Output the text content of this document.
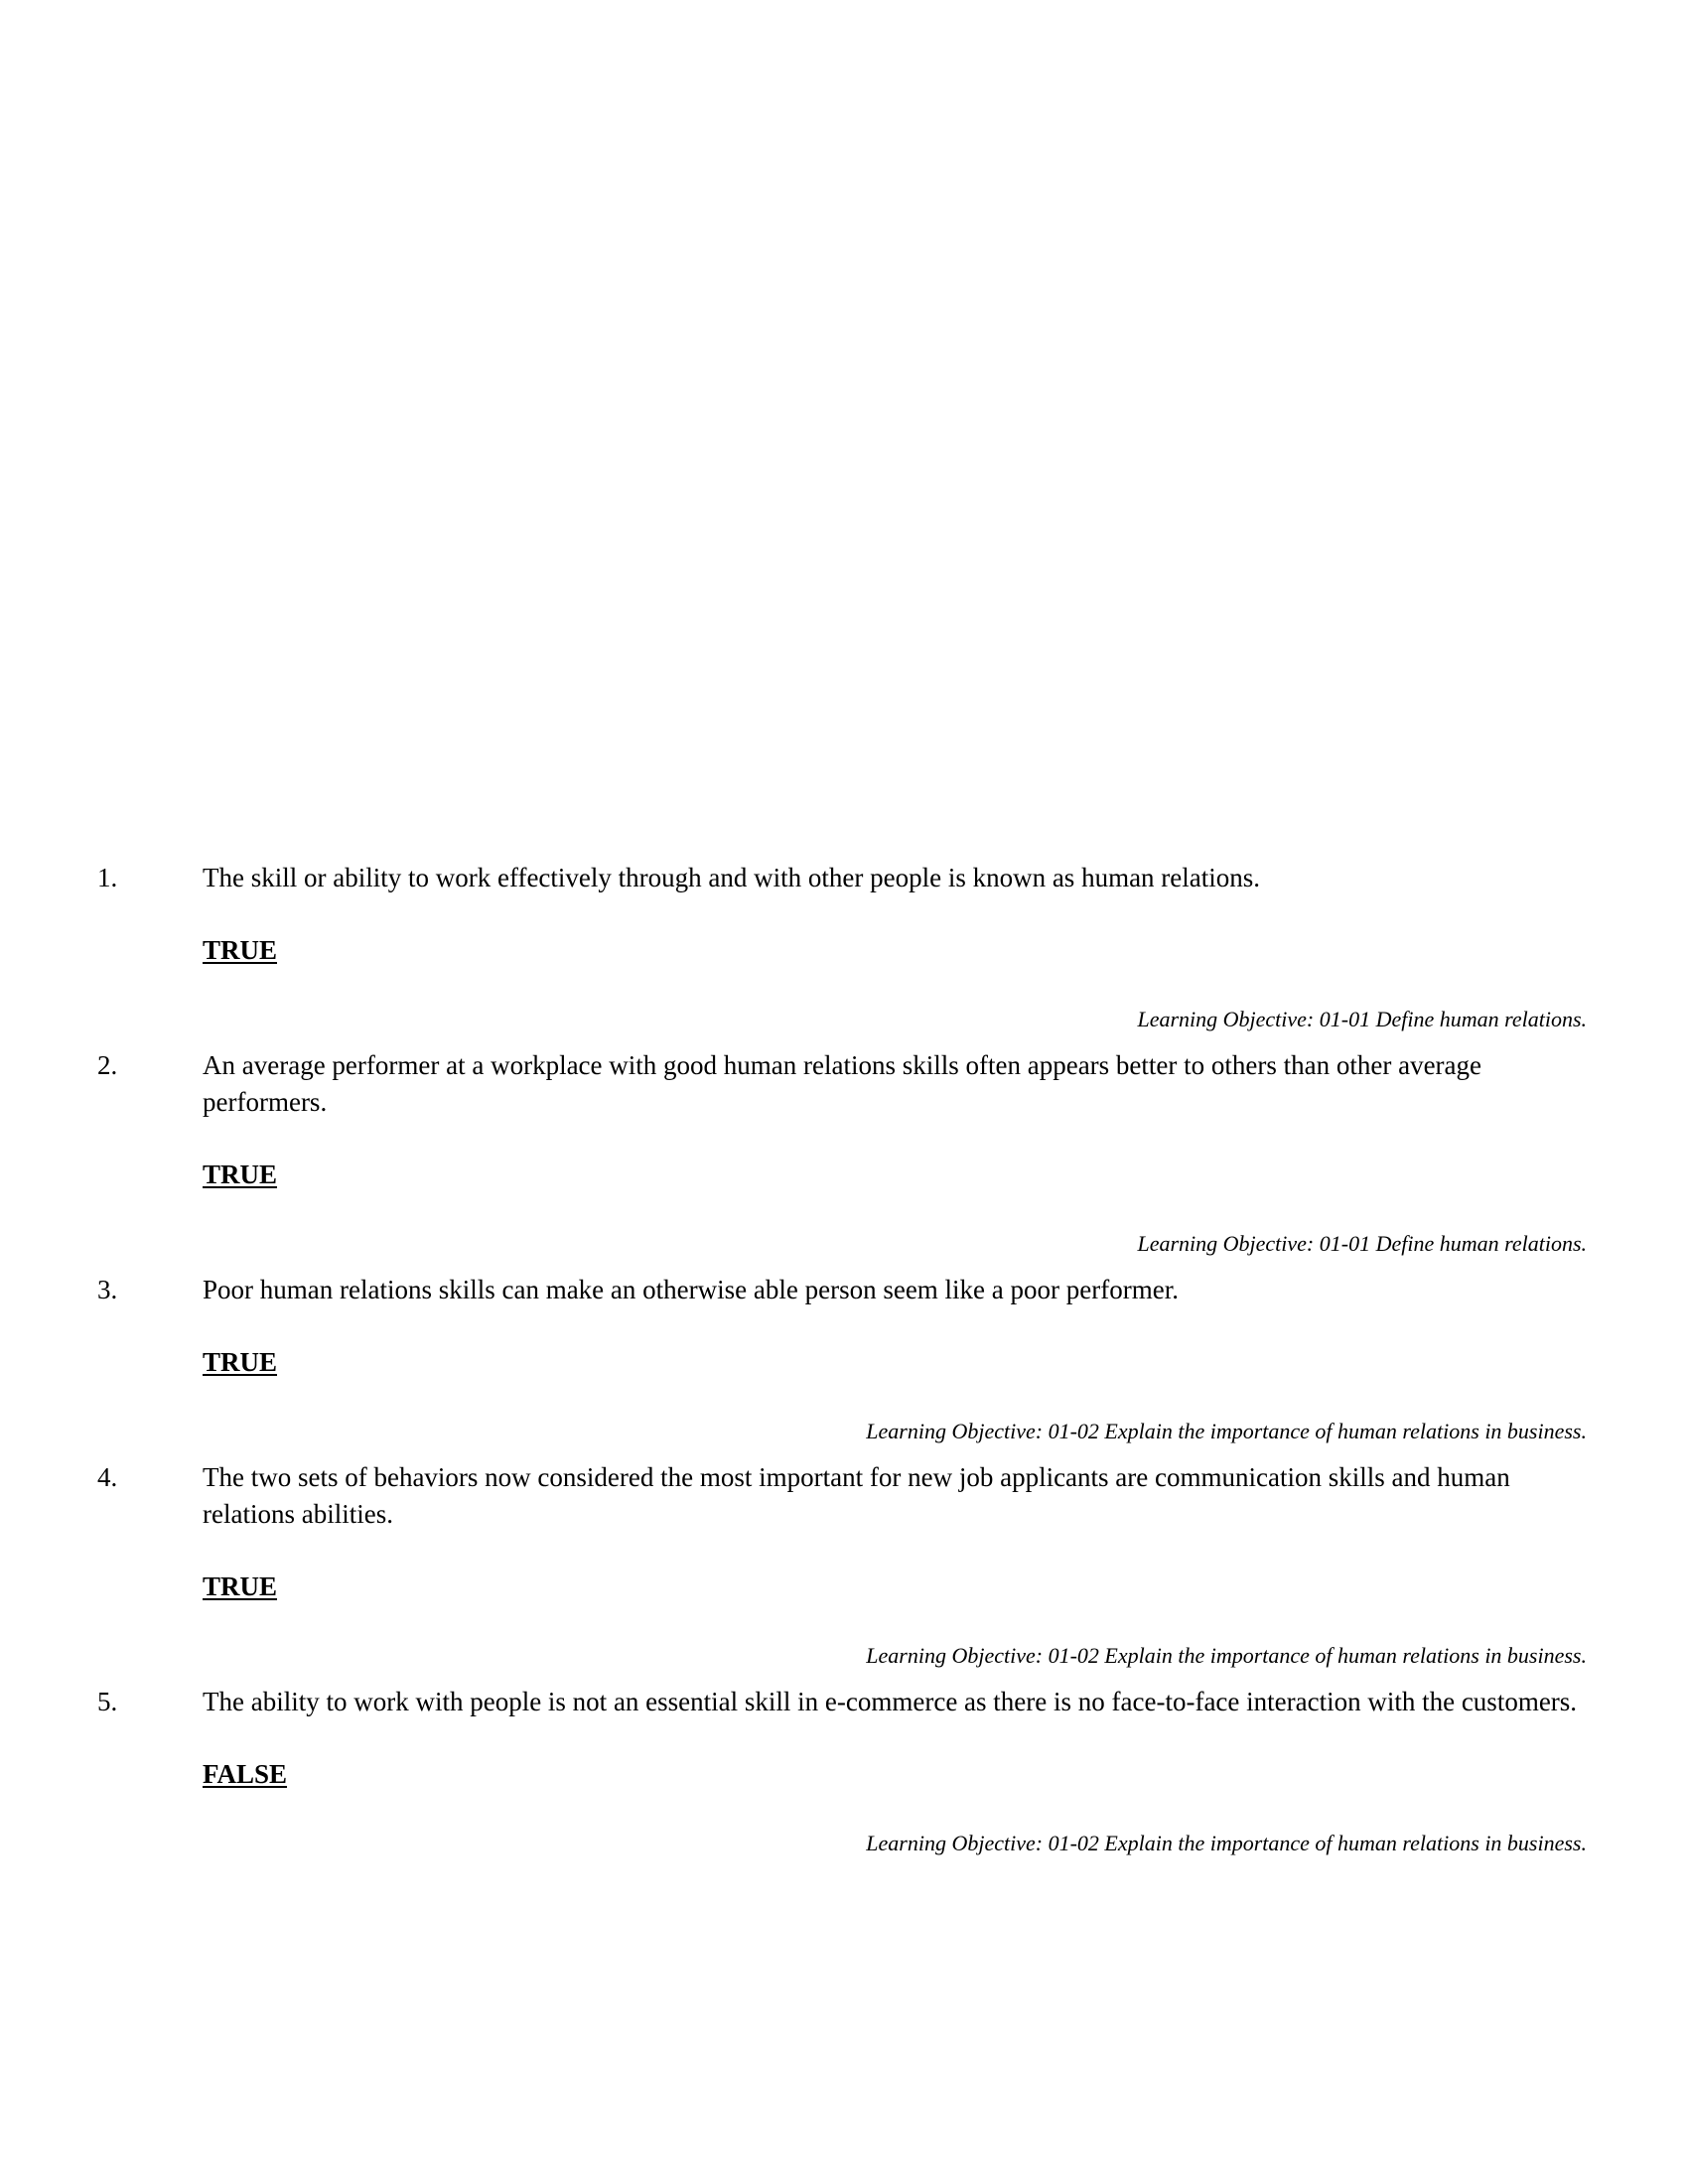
1.	The skill or ability to work effectively through and with other people is known as human relations.
TRUE
Learning Objective: 01-01 Define human relations.
2.	An average performer at a workplace with good human relations skills often appears better to others than other average performers.
TRUE
Learning Objective: 01-01 Define human relations.
3.	Poor human relations skills can make an otherwise able person seem like a poor performer.
TRUE
Learning Objective: 01-02 Explain the importance of human relations in business.
4.	The two sets of behaviors now considered the most important for new job applicants are communication skills and human relations abilities.
TRUE
Learning Objective: 01-02 Explain the importance of human relations in business.
5.	The ability to work with people is not an essential skill in e-commerce as there is no face-to-face interaction with the customers.
FALSE
Learning Objective: 01-02 Explain the importance of human relations in business.
